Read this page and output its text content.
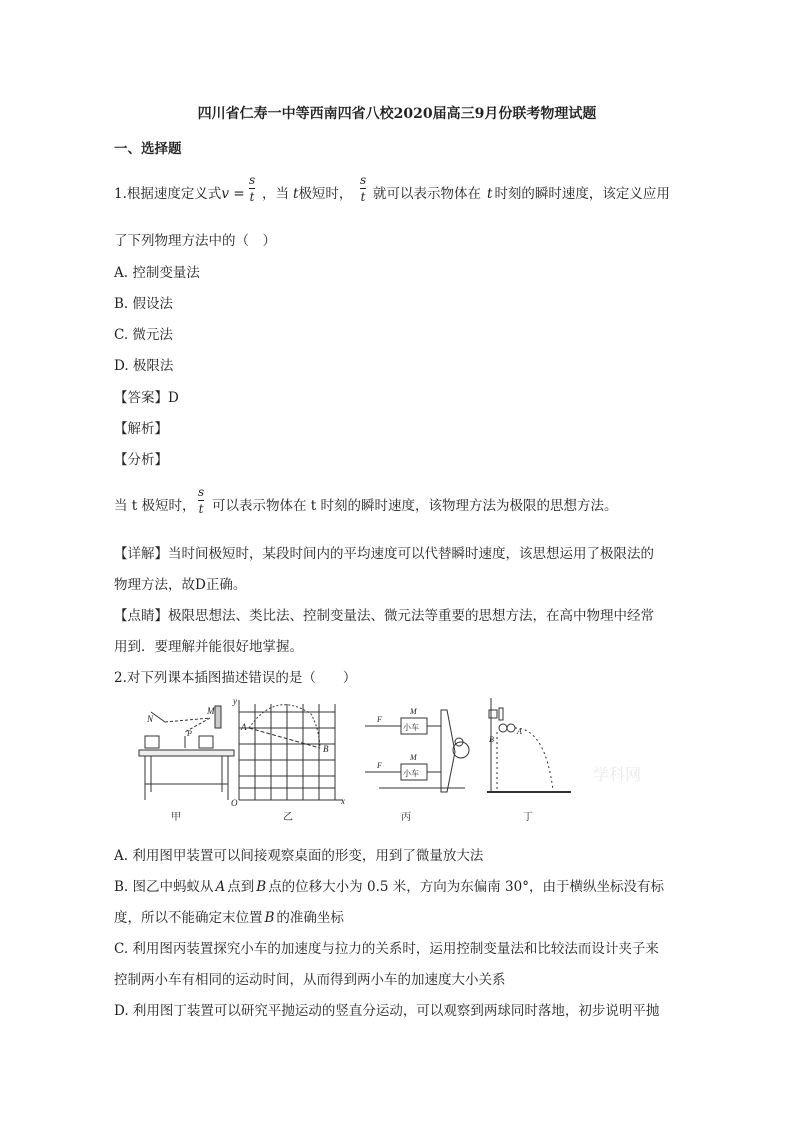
四川省仁寿一中等西南四省八校2020届高三9月份联考物理试题
一、选择题
1.根据速度定义式v =
s
t ，当 t极短时，
s
t 就可以表示物体在 t 时刻的瞬时速度，该定义应用
了下列物理方法中的（　）
A. 控制变量法
B. 假设法
C. 微元法
D. 极限法
【答案】D
【解析】
【分析】
当 t 极短时，
s
t 可以表示物体在 t 时刻的瞬时速度，该物理方法为极限的思想方法。
【详解】当时间极短时，某段时间内的平均速度可以代替瞬时速度，该思想运用了极限法的
物理方法，故D正确。
【点睛】极限思想法、类比法、控制变量法、微元法等重要的思想方法，在高中物理中经常
用到．要理解并能很好地掌握。
2.对下列课本插图描述错误的是（　　）
N
M
P
甲
y
x
O
A
B
乙
F
F
M
M
小车
小车
丙
A
B
丁
学科网
A. 利用图甲装置可以间接观察桌面的形变，用到了微量放大法
B. 图乙中蚂蚁从 A 点到 B 点的位移大小为 0.5 米，方向为东偏南 30°，由于横纵坐标没有标
度，所以不能确定末位置 B 的准确坐标
C. 利用图丙装置探究小车的加速度与拉力的关系时，运用控制变量法和比较法而设计夹子来
控制两小车有相同的运动时间，从而得到两小车的加速度大小关系
D. 利用图丁装置可以研究平抛运动的竖直分运动，可以观察到两球同时落地，初步说明平抛
